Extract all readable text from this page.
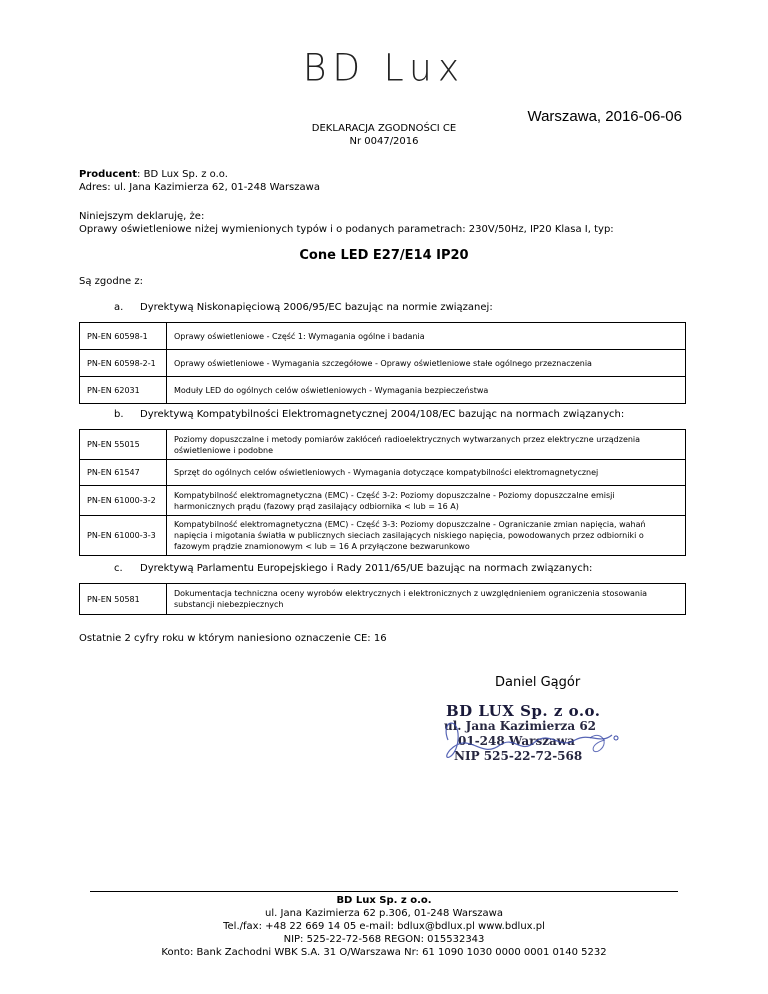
BD Lux
Warszawa, 2016-06-06
DEKLARACJA ZGODNOŚCI CE
Nr 0047/2016
Producent: BD Lux Sp. z o.o.
Adres: ul. Jana Kazimierza 62, 01-248 Warszawa
Niniejszym deklaruję, że:
Oprawy oświetleniowe niżej wymienionych typów i o podanych parametrach: 230V/50Hz, IP20 Klasa I, typ:
Cone LED E27/E14 IP20
Są zgodne z:
a. Dyrektywą Niskonapięciową 2006/95/EC bazując na normie związanej:
PN-EN 60598-1	Oprawy oświetleniowe - Część 1: Wymagania ogólne i badania
PN-EN 60598-2-1	Oprawy oświetleniowe - Wymagania szczegółowe - Oprawy oświetleniowe stałe ogólnego przeznaczenia
PN-EN 62031	Moduły LED do ogólnych celów oświetleniowych - Wymagania bezpieczeństwa
b. Dyrektywą Kompatybilności Elektromagnetycznej 2004/108/EC bazując na normach związanych:
PN-EN 55015	Poziomy dopuszczalne i metody pomiarów zakłóceń radioelektrycznych wytwarzanych przez elektryczne urządzenia oświetleniowe i podobne
PN-EN 61547	Sprzęt do ogólnych celów oświetleniowych - Wymagania dotyczące kompatybilności elektromagnetycznej
PN-EN 61000-3-2	Kompatybilność elektromagnetyczna (EMC) - Część 3-2: Poziomy dopuszczalne - Poziomy dopuszczalne emisji harmonicznych prądu (fazowy prąd zasilający odbiornika < lub = 16 A)
PN-EN 61000-3-3	Kompatybilność elektromagnetyczna (EMC) - Część 3-3: Poziomy dopuszczalne - Ograniczanie zmian napięcia, wahań napięcia i migotania światła w publicznych sieciach zasilających niskiego napięcia, powodowanych przez odbiorniki o fazowym prądzie znamionowym < lub = 16 A przyłączone bezwarunkowo
c. Dyrektywą Parlamentu Europejskiego i Rady 2011/65/UE bazując na normach związanych:
PN-EN 50581	Dokumentacja techniczna oceny wyrobów elektrycznych i elektronicznych z uwzględnieniem ograniczenia stosowania substancji niebezpiecznych
Ostatnie 2 cyfry roku w którym naniesiono oznaczenie CE: 16
Daniel Gągór
BD LUX Sp. z o.o.
ul. Jana Kazimierza 62
01-248 Warszawa
NIP 525-22-72-568
BD Lux Sp. z o.o.
ul. Jana Kazimierza 62 p.306, 01-248 Warszawa
Tel./fax: +48 22 669 14 05 e-mail: bdlux@bdlux.pl www.bdlux.pl
NIP: 525-22-72-568 REGON: 015532343
Konto: Bank Zachodni WBK S.A. 31 O/Warszawa Nr: 61 1090 1030 0000 0001 0140 5232
